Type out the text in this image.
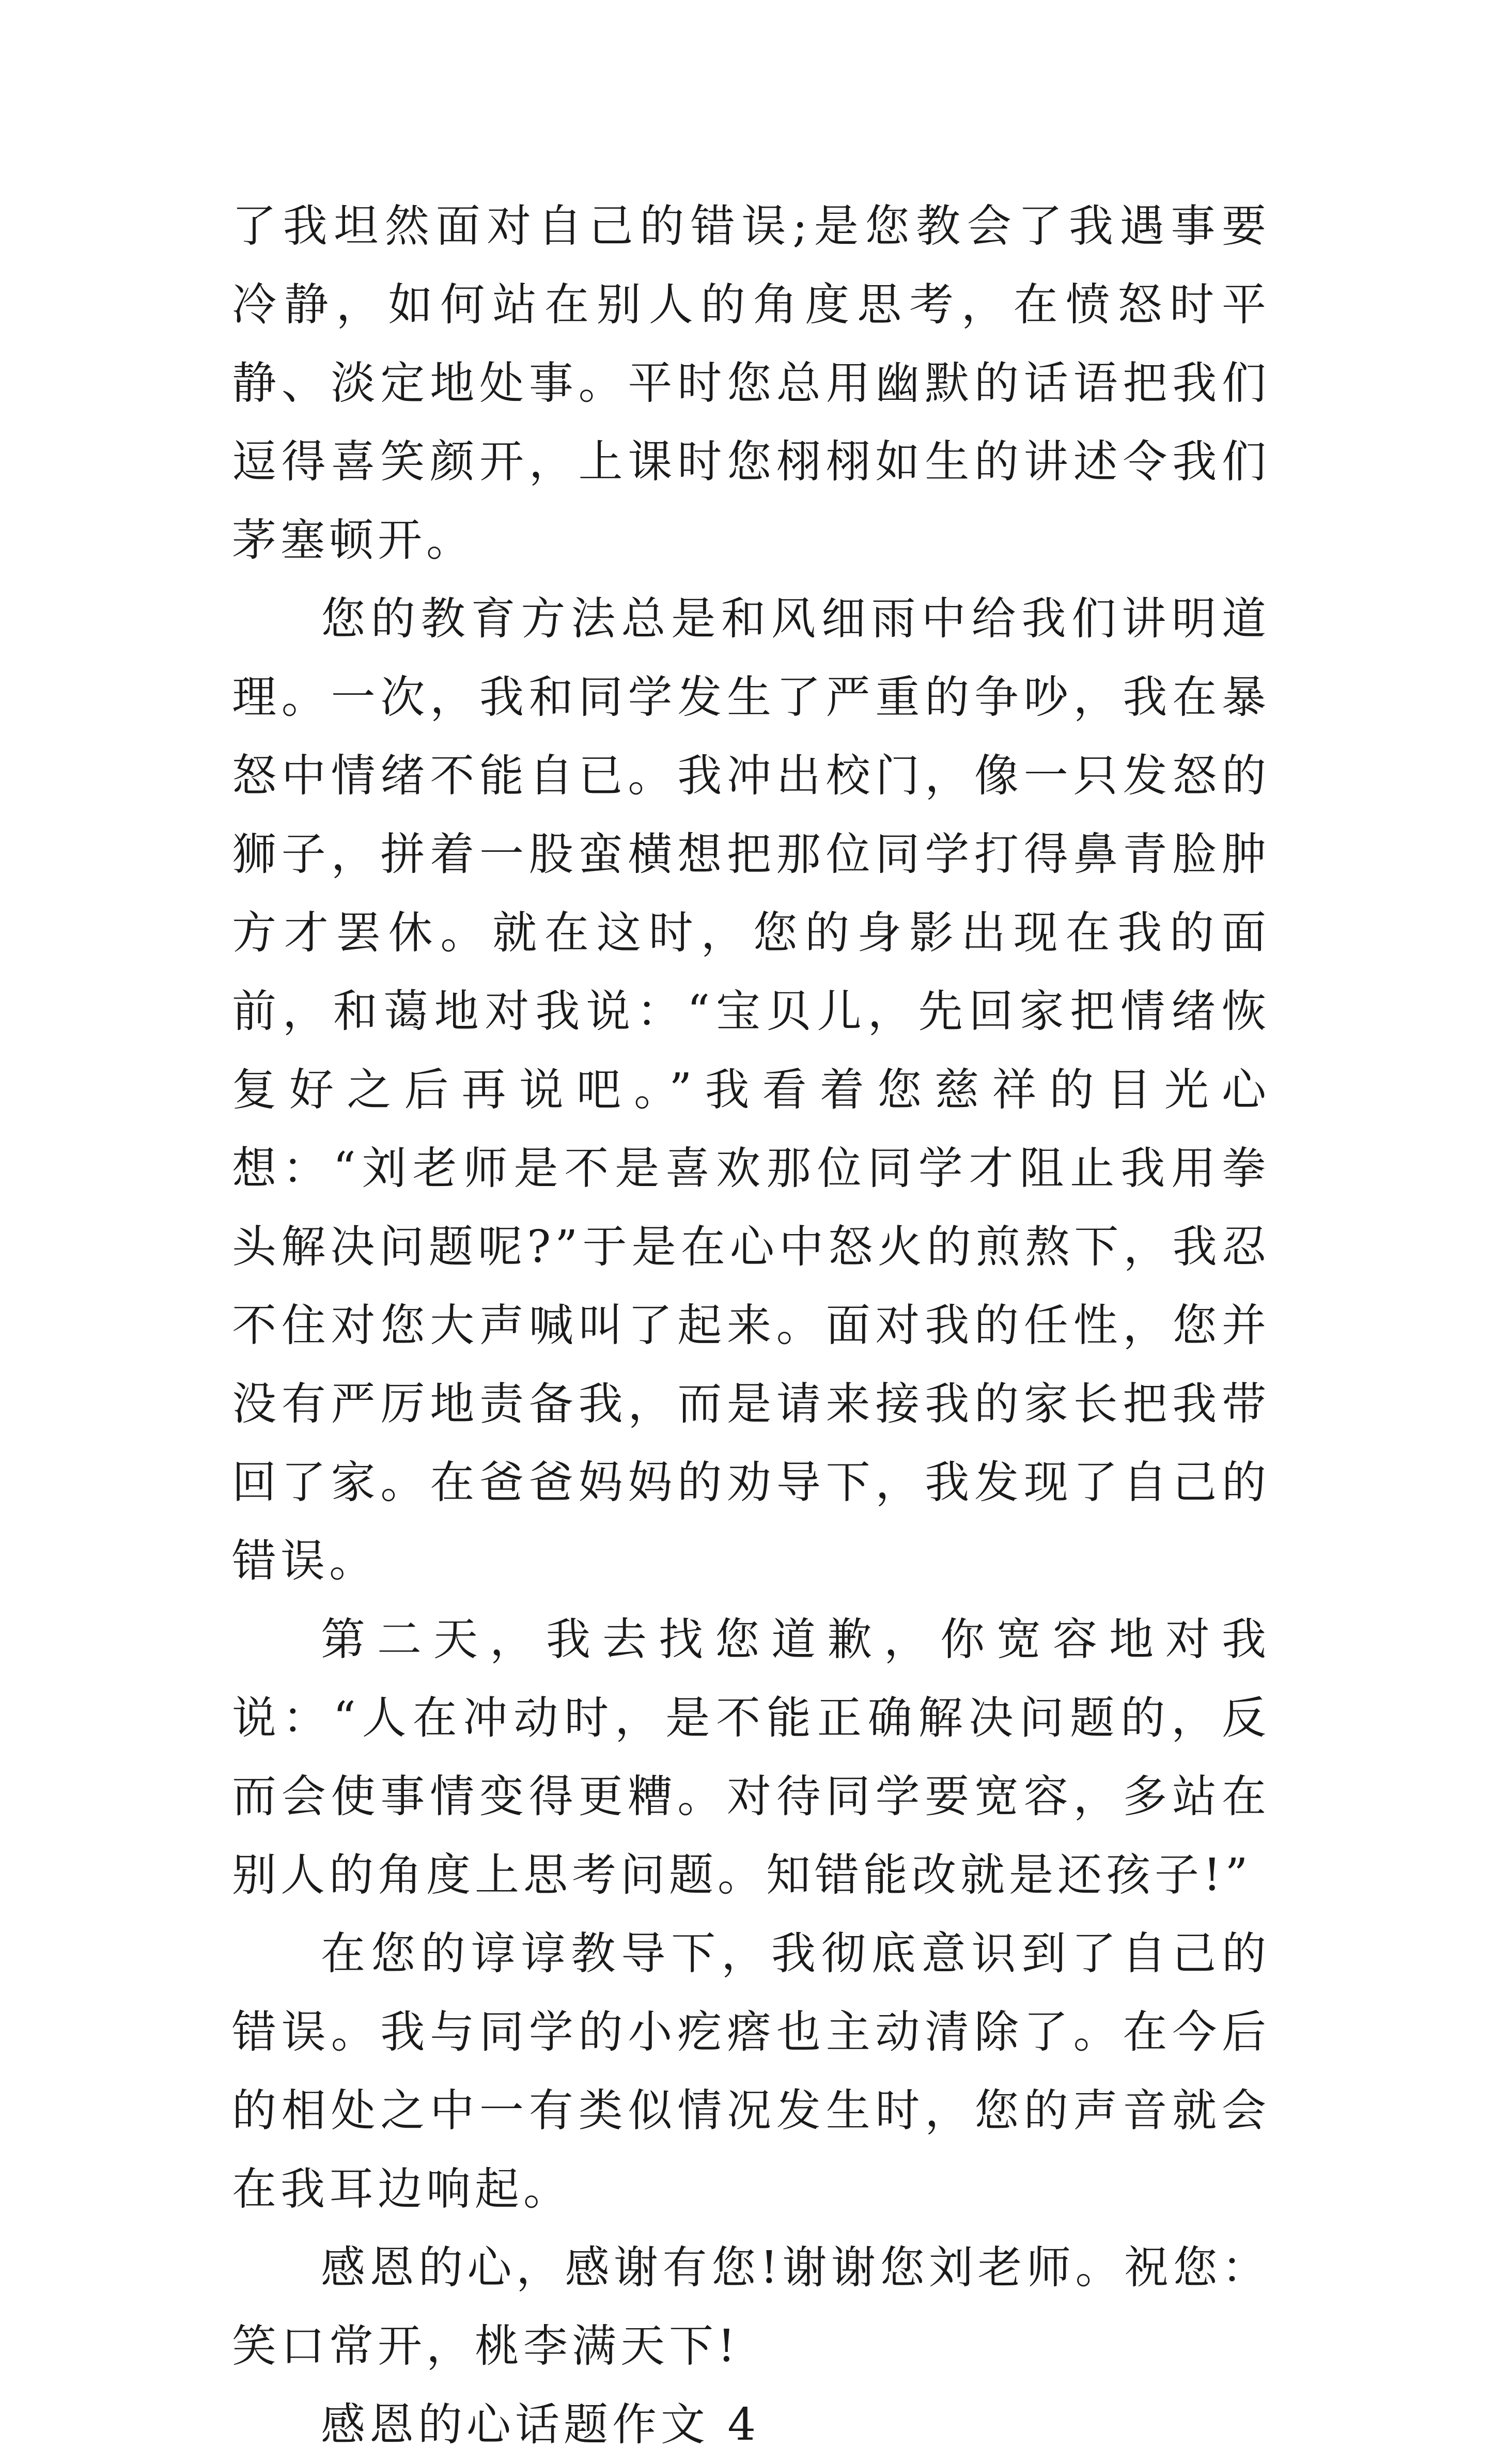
了我坦然面对自己的错误;是您教会了我遇事要冷静，如何站在别人的角度思考，在愤怒时平静、淡定地处事。平时您总用幽默的话语把我们逗得喜笑颜开，上课时您栩栩如生的讲述令我们茅塞顿开。

您的教育方法总是和风细雨中给我们讲明道理。一次，我和同学发生了严重的争吵，我在暴怒中情绪不能自已。我冲出校门，像一只发怒的狮子，拼着一股蛮横想把那位同学打得鼻青脸肿方才罢休。就在这时，您的身影出现在我的面前，和蔼地对我说：“宝贝儿，先回家把情绪恢复好之后再说吧。”我看着您慈祥的目光心想：“刘老师是不是喜欢那位同学才阻止我用拳头解决问题呢?”于是在心中怒火的煎熬下，我忍不住对您大声喊叫了起来。面对我的任性，您并没有严厉地责备我，而是请来接我的家长把我带回了家。在爸爸妈妈的劝导下，我发现了自己的错误。

第二天，我去找您道歉，你宽容地对我说：“人在冲动时，是不能正确解决问题的，反而会使事情变得更糟。对待同学要宽容，多站在别人的角度上思考问题。知错能改就是还孩子!”

在您的谆谆教导下，我彻底意识到了自己的错误。我与同学的小疙瘩也主动清除了。在今后的相处之中一有类似情况发生时，您的声音就会在我耳边响起。

感恩的心，感谢有您!谢谢您刘老师。祝您：笑口常开，桃李满天下!

感恩的心话题作文 4
